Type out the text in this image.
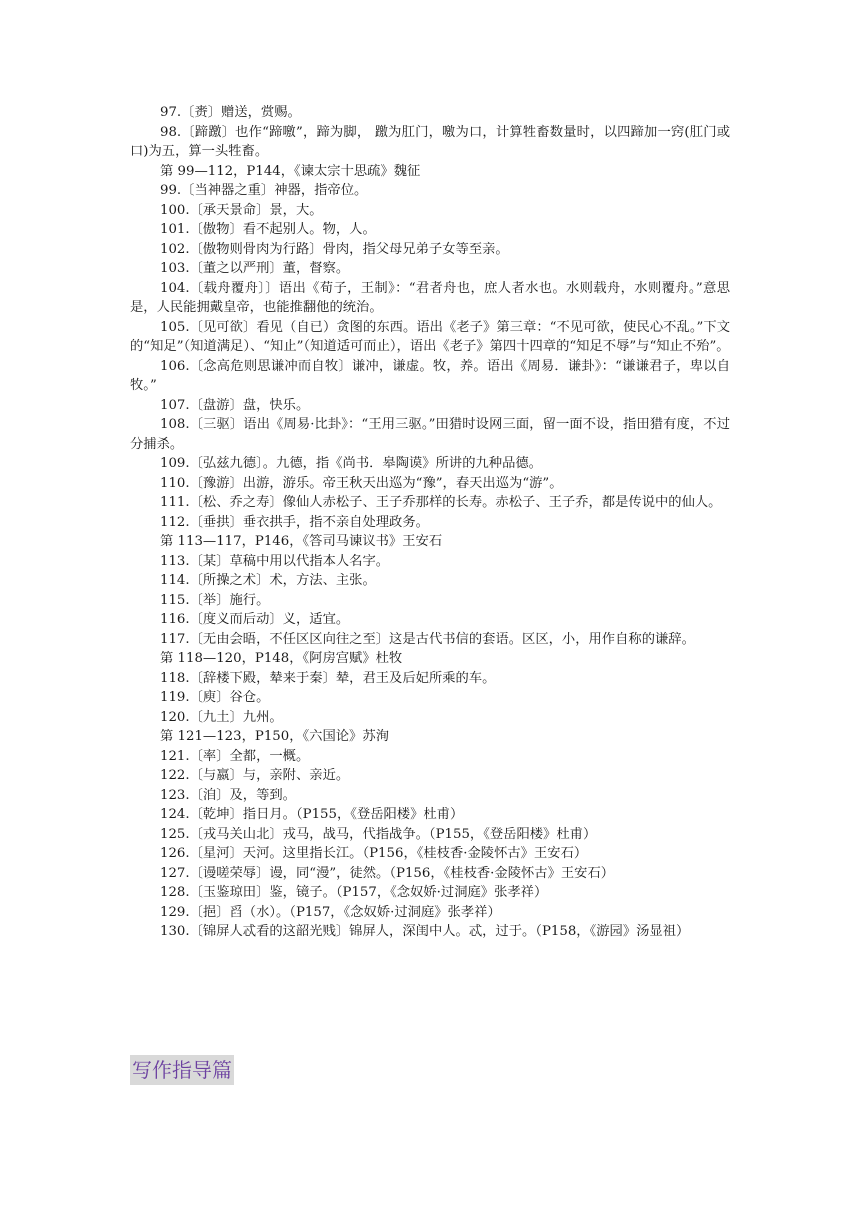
97.〔赉〕赠送，赏赐。

98.〔蹄躈〕也作“蹄噭”，蹄为脚， 躈为肛门，噭为口，计算牲畜数量时，以四蹄加一窍(肛门或口)为五，算一头牲畜。

第 99—112，P144，《谏太宗十思疏》魏征

99.〔当神器之重〕神器，指帝位。

100.〔承天景命〕景，大。

101.〔傲物〕看不起别人。物，人。

102.〔傲物则骨肉为行路〕骨肉，指父母兄弟子女等至亲。

103.〔董之以严刑〕董，督察。

104.〔载舟覆舟〕〕语出《荀子，王制》：“君者舟也，庶人者水也。水则载舟，水则覆舟。”意思是，人民能拥戴皇帝，也能推翻他的统治。

105.〔见可欲〕看见（自已）贪图的东西。语出《老子》第三章：“不见可欲，使民心不乱。”下文的“知足”（知道满足）、“知止”（知道适可而止），语出《老子》第四十四章的“知足不辱”与“知止不殆”。

106.〔念高危则思谦冲而自牧〕谦冲，谦虚。牧，养。语出《周易．谦卦》：“谦谦君子，卑以自牧。”

107.〔盘游〕盘，快乐。

108.〔三驱〕语出《周易·比卦》：“王用三驱。”田猎时设网三面，留一面不设，指田猎有度，不过分捕杀。

109.〔弘兹九德〕。九德，指《尚书．皋陶谟》所讲的九种品德。

110.〔豫游〕出游，游乐。帝王秋天出巡为“豫”，春天出巡为“游”。

111.〔松、乔之寿〕像仙人赤松子、王子乔那样的长寿。赤松子、王子乔，都是传说中的仙人。

112.〔垂拱〕垂衣拱手，指不亲自处理政务。

第 113—117，P146，《答司马谏议书》王安石

113.〔某〕草稿中用以代指本人名字。

114.〔所操之术〕术，方法、主张。

115.〔举〕施行。

116.〔度义而后动〕义，适宜。

117.〔无由会晤，不任区区向往之至〕这是古代书信的套语。区区，小，用作自称的谦辞。

第 118—120，P148，《阿房宫赋》杜牧

118.〔辞楼下殿，辇来于秦〕辇，君王及后妃所乘的车。

119.〔庾〕谷仓。

120.〔九土〕九州。

第 121—123，P150，《六国论》苏洵

121.〔率〕全都，一概。

122.〔与嬴〕与，亲附、亲近。

123.〔洎〕及，等到。

124.〔乾坤〕指日月。（P155，《登岳阳楼》杜甫）

125.〔戎马关山北〕戎马，战马，代指战争。（P155，《登岳阳楼》杜甫）

126.〔星河〕天河。这里指长江。（P156，《桂枝香·金陵怀古》王安石）

127.〔谩嗟荣辱〕谩，同“漫”，徒然。（P156，《桂枝香·金陵怀古》王安石）

128.〔玉鉴琼田〕鉴，镜子。（P157，《念奴娇·过洞庭》张孝祥）

129.〔挹〕舀（水）。（P157，《念奴娇·过洞庭》张孝祥）

130.〔锦屏人忒看的这韶光贱〕锦屏人，深闺中人。忒，过于。（P158，《游园》汤显祖）

写作指导篇
